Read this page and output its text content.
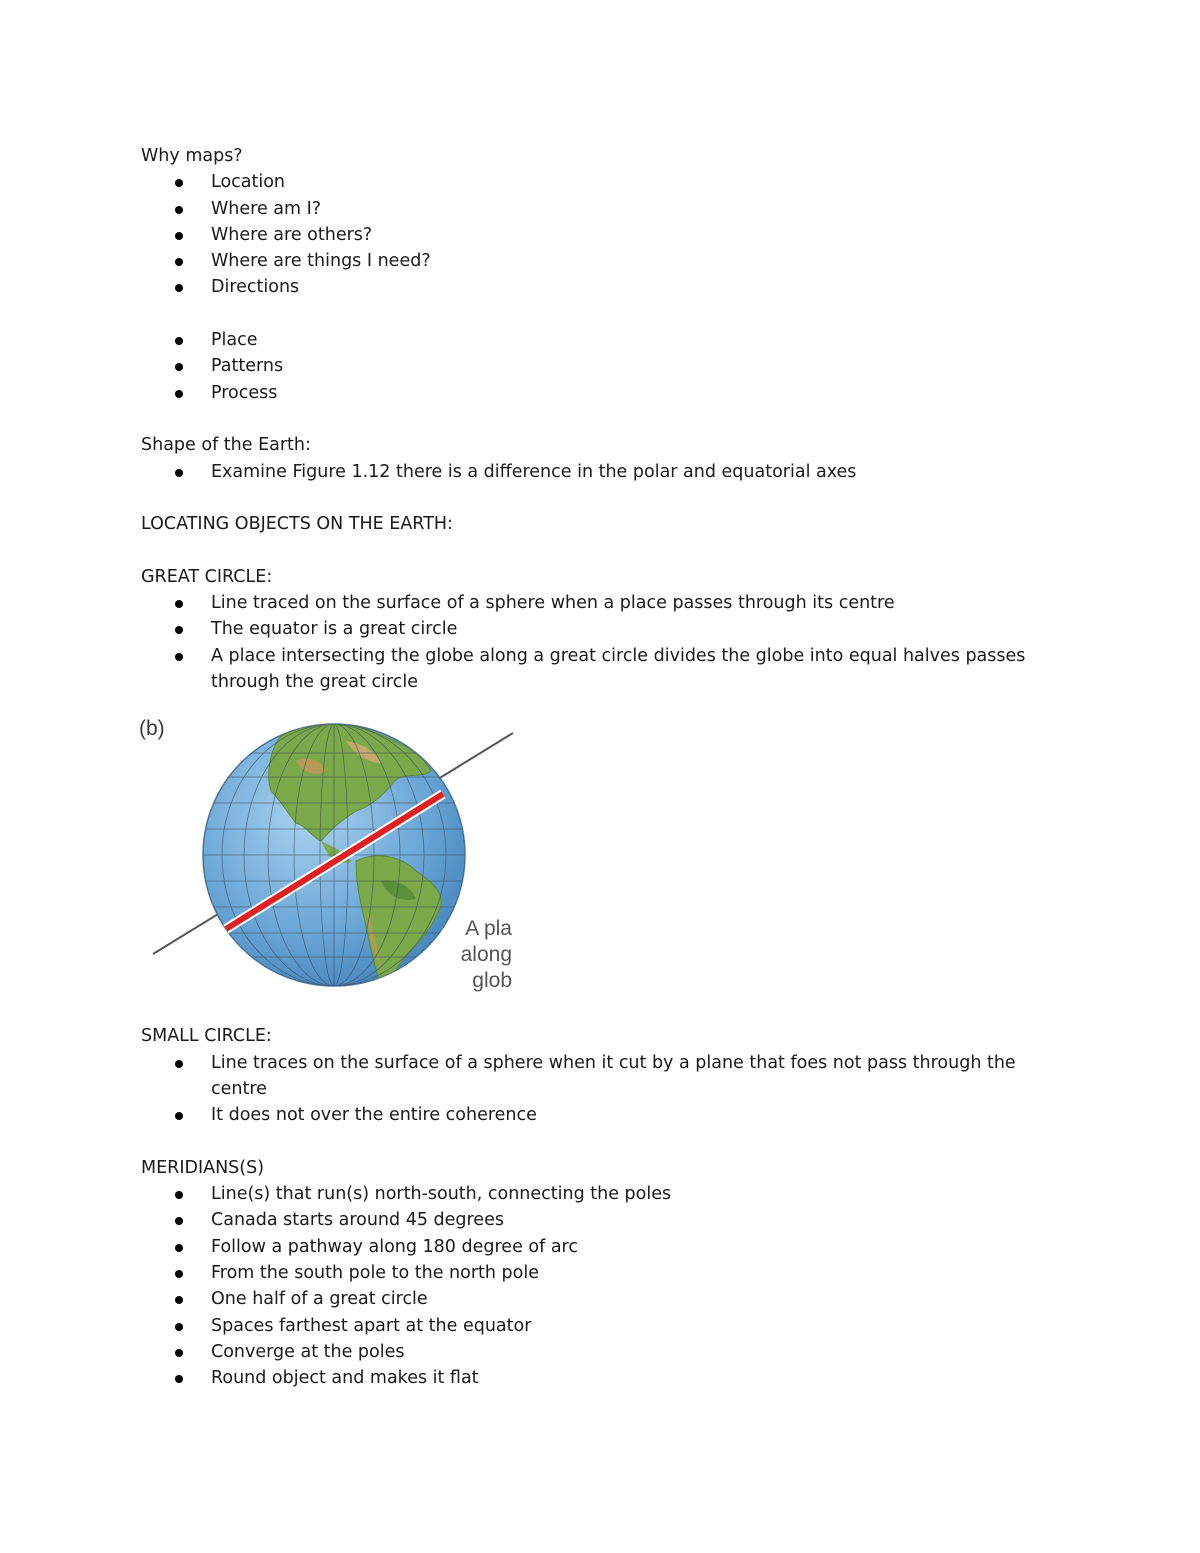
Why maps?

Location
Where am I?
Where are others?
Where are things I need?
Directions
Place
Patterns
Process

Shape of the Earth:

Examine Figure 1.12 there is a difference in the polar and equatorial axes

LOCATING OBJECTS ON THE EARTH:

GREAT CIRCLE:

Line traced on the surface of a sphere when a place passes through its centre
The equator is a great circle
A place intersecting the globe along a great circle divides the globe into equal halves passes through the great circle
(b)
A pla
along
glob

SMALL CIRCLE:

Line traces on the surface of a sphere when it cut by a plane that foes not pass through the centre
It does not over the entire coherence

MERIDIANS(S)

Line(s) that run(s) north-south, connecting the poles
Canada starts around 45 degrees
Follow a pathway along 180 degree of arc
From the south pole to the north pole
One half of a great circle
Spaces farthest apart at the equator
Converge at the poles
Round object and makes it flat
